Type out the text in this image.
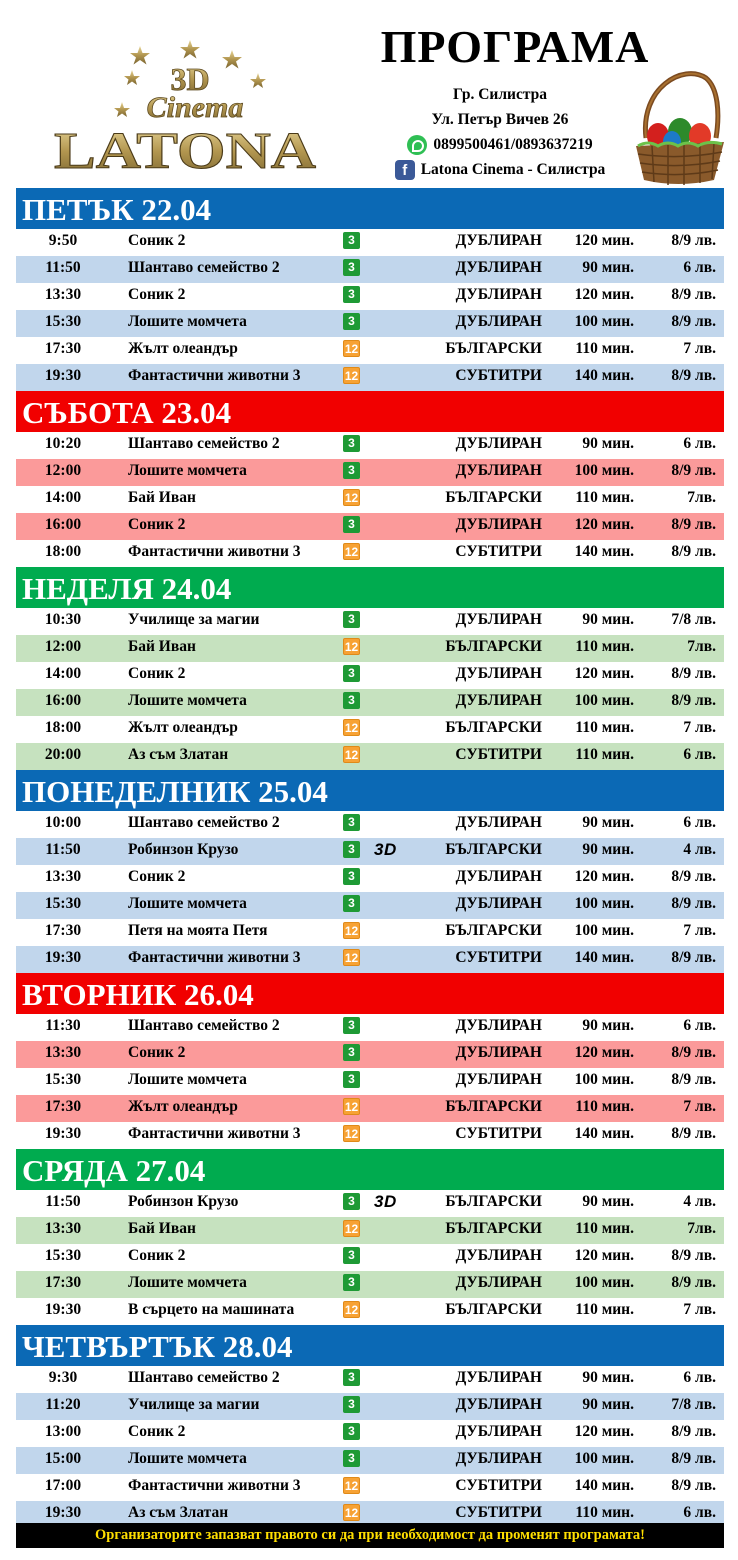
3D
Cinema
LATONA
ПРОГРАМА
Гр. Силистра
Ул. Петър Вичев 26
0899500461/0893637219
f Latona Cinema - Силистра
ПЕТЪК 22.04
9:50	Соник 2	3	ДУБЛИРАН 120 мин. 8/9 лв.
11:50	Шантаво семейство 2	3	ДУБЛИРАН	90 мин.	6 лв.
13:30	Соник 2	3	ДУБЛИРАН 120 мин. 8/9 лв.
15:30	Лошите момчета	3	ДУБЛИРАН 100 мин. 8/9 лв.
17:30	Жълт олеандър	12	БЪЛГАРСКИ 110 мин.	7 лв.
19:30	Фантастични животни 3	12	СУБТИТРИ 140 мин. 8/9 лв.
СЪБОТА 23.04
10:20	Шантаво семейство 2	3	ДУБЛИРАН	90 мин.	6 лв.
12:00	Лошите момчета	3	ДУБЛИРАН 100 мин. 8/9 лв.
14:00	Бай Иван	12	БЪЛГАРСКИ 110 мин.	7лв.
16:00	Соник 2	3	ДУБЛИРАН 120 мин. 8/9 лв.
18:00	Фантастични животни 3	12	СУБТИТРИ 140 мин. 8/9 лв.
НЕДЕЛЯ 24.04
10:30	Училище за магии	3	ДУБЛИРАН	90 мин. 7/8 лв.
12:00	Бай Иван	12	БЪЛГАРСКИ 110 мин.	7лв.
14:00	Соник 2	3	ДУБЛИРАН 120 мин. 8/9 лв.
16:00	Лошите момчета	3	ДУБЛИРАН 100 мин. 8/9 лв.
18:00	Жълт олеандър	12	БЪЛГАРСКИ 110 мин.	7 лв.
20:00	Аз съм Златан	12	СУБТИТРИ 110 мин.	6 лв.
ПОНЕДЕЛНИК 25.04
10:00	Шантаво семейство 2	3	ДУБЛИРАН	90 мин.	6 лв.
11:50	Робинзон Крузо	3	3D	БЪЛГАРСКИ	90 мин.	4 лв.
13:30	Соник 2	3	ДУБЛИРАН 120 мин. 8/9 лв.
15:30	Лошите момчета	3	ДУБЛИРАН 100 мин. 8/9 лв.
17:30	Петя на моята Петя	12	БЪЛГАРСКИ 100 мин.	7 лв.
19:30	Фантастични животни 3	12	СУБТИТРИ 140 мин. 8/9 лв.
ВТОРНИК 26.04
11:30	Шантаво семейство 2	3	ДУБЛИРАН	90 мин.	6 лв.
13:30	Соник 2	3	ДУБЛИРАН 120 мин. 8/9 лв.
15:30	Лошите момчета	3	ДУБЛИРАН 100 мин. 8/9 лв.
17:30	Жълт олеандър	12	БЪЛГАРСКИ 110 мин.	7 лв.
19:30	Фантастични животни 3	12	СУБТИТРИ 140 мин. 8/9 лв.
СРЯДА 27.04
11:50	Робинзон Крузо	3	3D	БЪЛГАРСКИ	90 мин.	4 лв.
13:30	Бай Иван	12	БЪЛГАРСКИ 110 мин.	7лв.
15:30	Соник 2	3	ДУБЛИРАН 120 мин. 8/9 лв.
17:30	Лошите момчета	3	ДУБЛИРАН 100 мин. 8/9 лв.
19:30	В сърцето на машината	12	БЪЛГАРСКИ 110 мин.	7 лв.
ЧЕТВЪРТЪК 28.04
9:30	Шантаво семейство 2	3	ДУБЛИРАН	90 мин.	6 лв.
11:20	Училище за магии	3	ДУБЛИРАН	90 мин. 7/8 лв.
13:00	Соник 2	3	ДУБЛИРАН 120 мин. 8/9 лв.
15:00	Лошите момчета	3	ДУБЛИРАН 100 мин. 8/9 лв.
17:00	Фантастични животни 3	12	СУБТИТРИ 140 мин. 8/9 лв.
19:30	Аз съм Златан	12	СУБТИТРИ 110 мин.	6 лв.
Организаторите запазват правото си да при необходимост да променят програмата!
